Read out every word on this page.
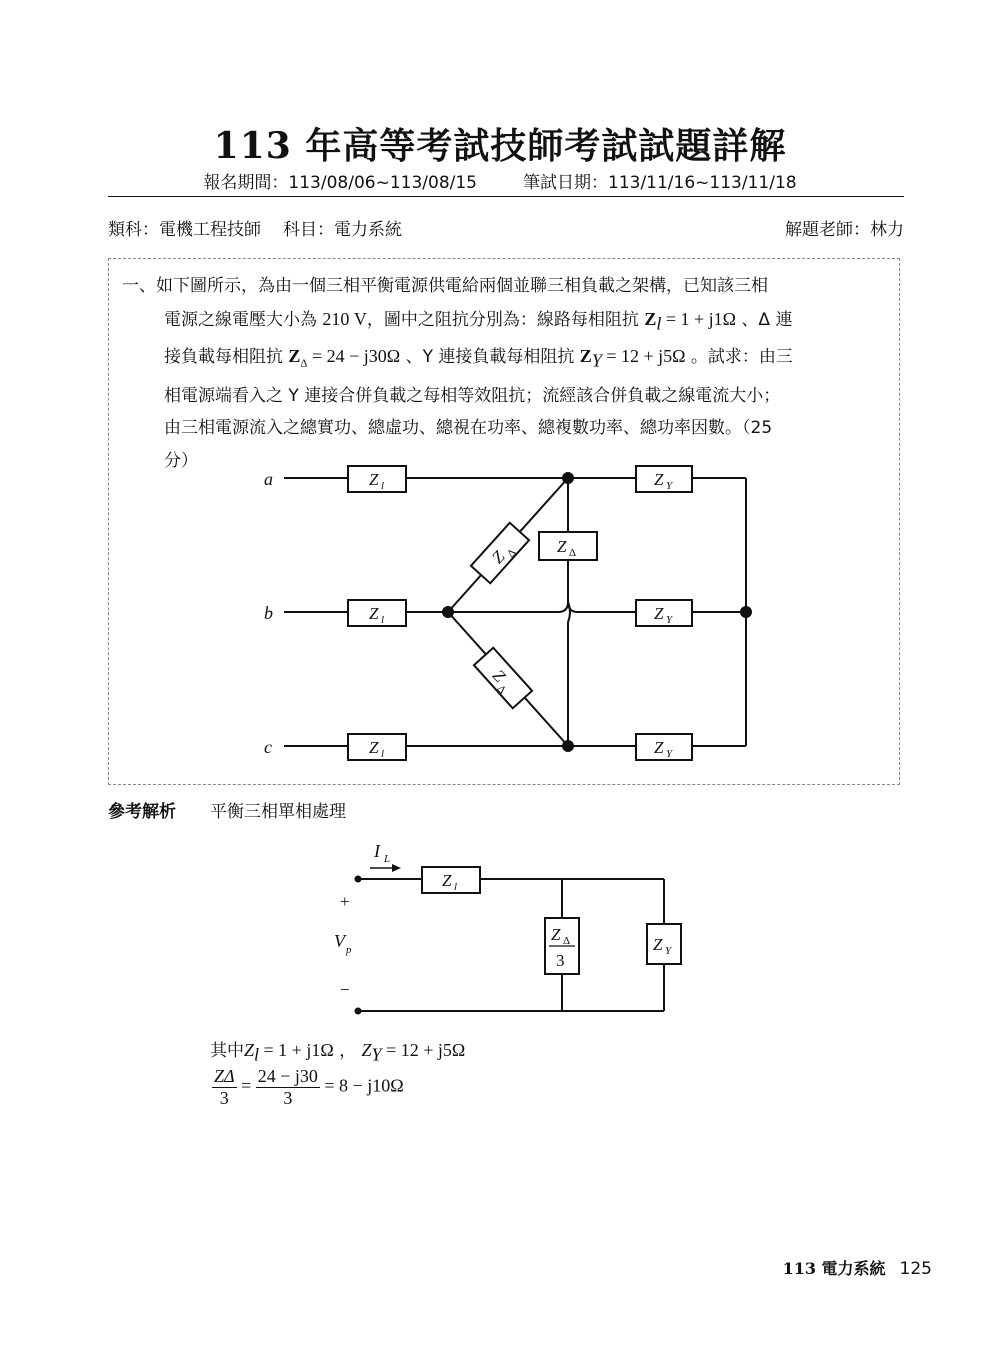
113 年高等考試技師考試試題詳解
報名期間：113/08/06~113/08/15	筆試日期：113/11/16~113/11/18
類科：電機工程技師 科目：電力系統	解題老師：林力
一、如下圖所示，為由一個三相平衡電源供電給兩個並聯三相負載之架構，已知該三相
電源之線電壓大小為 210 V，圖中之阻抗分別為：線路每相阻抗 $Z_l = 1 + j1\Omega$ 、Δ 連
接負載每相阻抗 $Z_\Delta = 24 - j30\Omega$ 、Y 連接負載每相阻抗 $Z_Y = 12 + j5\Omega$ 。試求：由三
相電源端看入之 Y 連接合併負載之每相等效阻抗；流經該合併負載之線電流大小；
由三相電源流入之總實功、總虛功、總視在功率、總複數功率、總功率因數。（25
分）
a
b
c
Z
Δ
Z
Δ
Z l
Z l
Z l
Z Y
Z Y
Z Y
Z Δ
參考解析 平衡三相單相處理
I L
+
V p
−
Z l
Z Δ
3
Z Y
其中$Z_l = 1 + j1\Omega$ ， $Z_Y = 12 + j5\Omega$
$\frac{Z\Delta}{3} = \frac{24 - j30}{3} = 8 - j10\Omega$
113 電力系統 125
